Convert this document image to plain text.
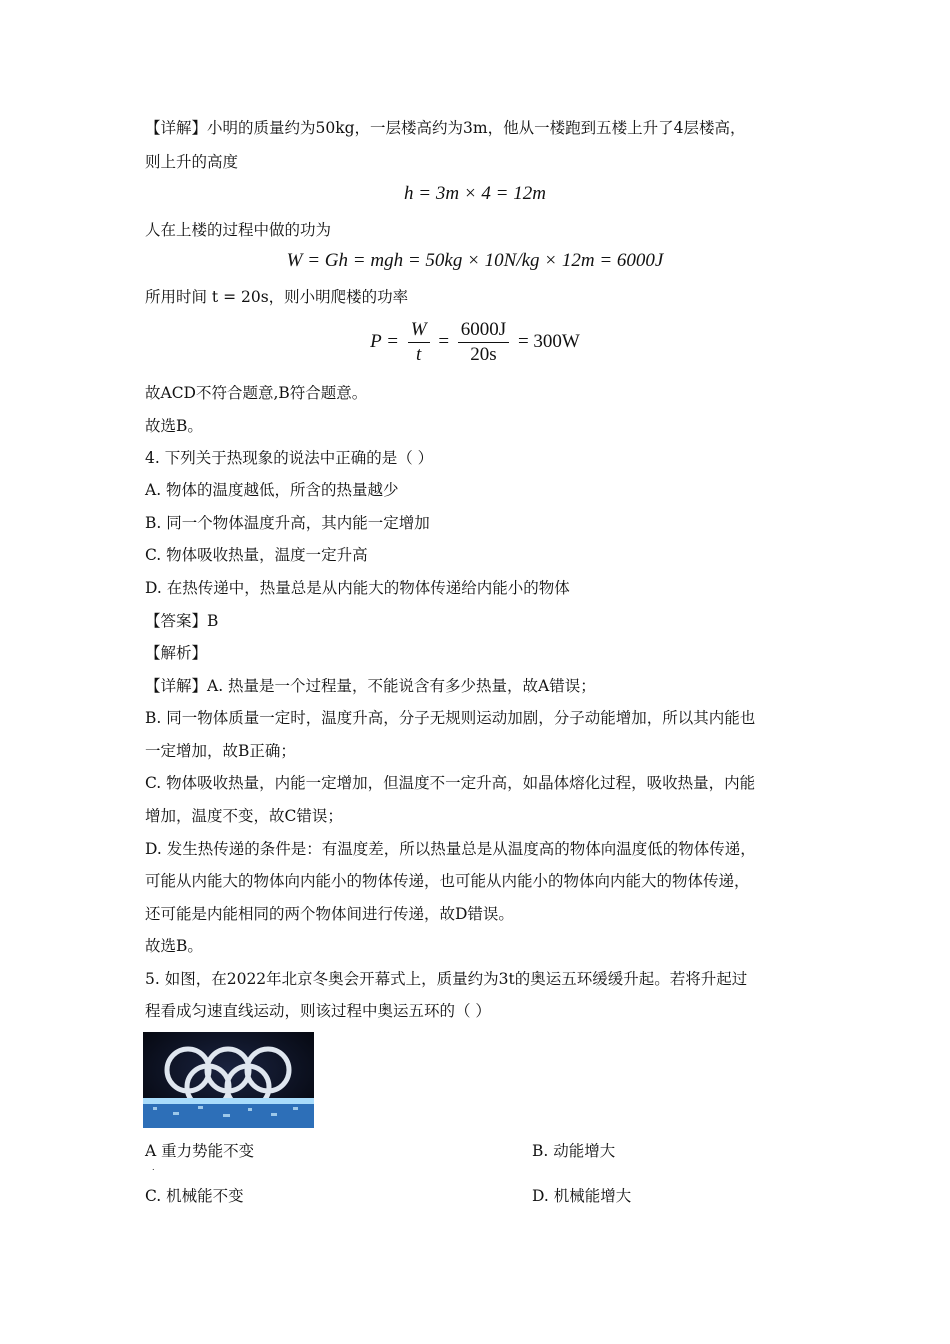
【详解】小明的质量约为50kg，一层楼高约为3m，他从一楼跑到五楼上升了4层楼高，
则上升的高度
h = 3m × 4 = 12m
人在上楼的过程中做的功为
W = Gh = mgh = 50kg × 10N/kg × 12m = 6000J
所用时间 t = 20s，则小明爬楼的功率
$P = \frac{W}{t} = \frac{6000J}{20s} = 300W$
故ACD不符合题意,B符合题意。
故选B。
4. 下列关于热现象的说法中正确的是（ ）
A. 物体的温度越低，所含的热量越少
B. 同一个物体温度升高，其内能一定增加
C. 物体吸收热量，温度一定升高
D. 在热传递中，热量总是从内能大的物体传递给内能小的物体
【答案】B
【解析】
【详解】A. 热量是一个过程量，不能说含有多少热量，故A错误；
B. 同一物体质量一定时，温度升高，分子无规则运动加剧，分子动能增加，所以其内能也
一定增加，故B正确；
C. 物体吸收热量，内能一定增加，但温度不一定升高，如晶体熔化过程，吸收热量，内能
增加，温度不变，故C错误；
D. 发生热传递的条件是：有温度差，所以热量总是从温度高的物体向温度低的物体传递，
可能从内能大的物体向内能小的物体传递，也可能从内能小的物体向内能大的物体传递，
还可能是内能相同的两个物体间进行传递，故D错误。
故选B。
5. 如图，在2022年北京冬奥会开幕式上，质量约为3t的奥运五环缓缓升起。若将升起过
程看成匀速直线运动，则该过程中奥运五环的（ ）
A 重力势能不变
.
B. 动能增大
C. 机械能不变	D. 机械能增大
